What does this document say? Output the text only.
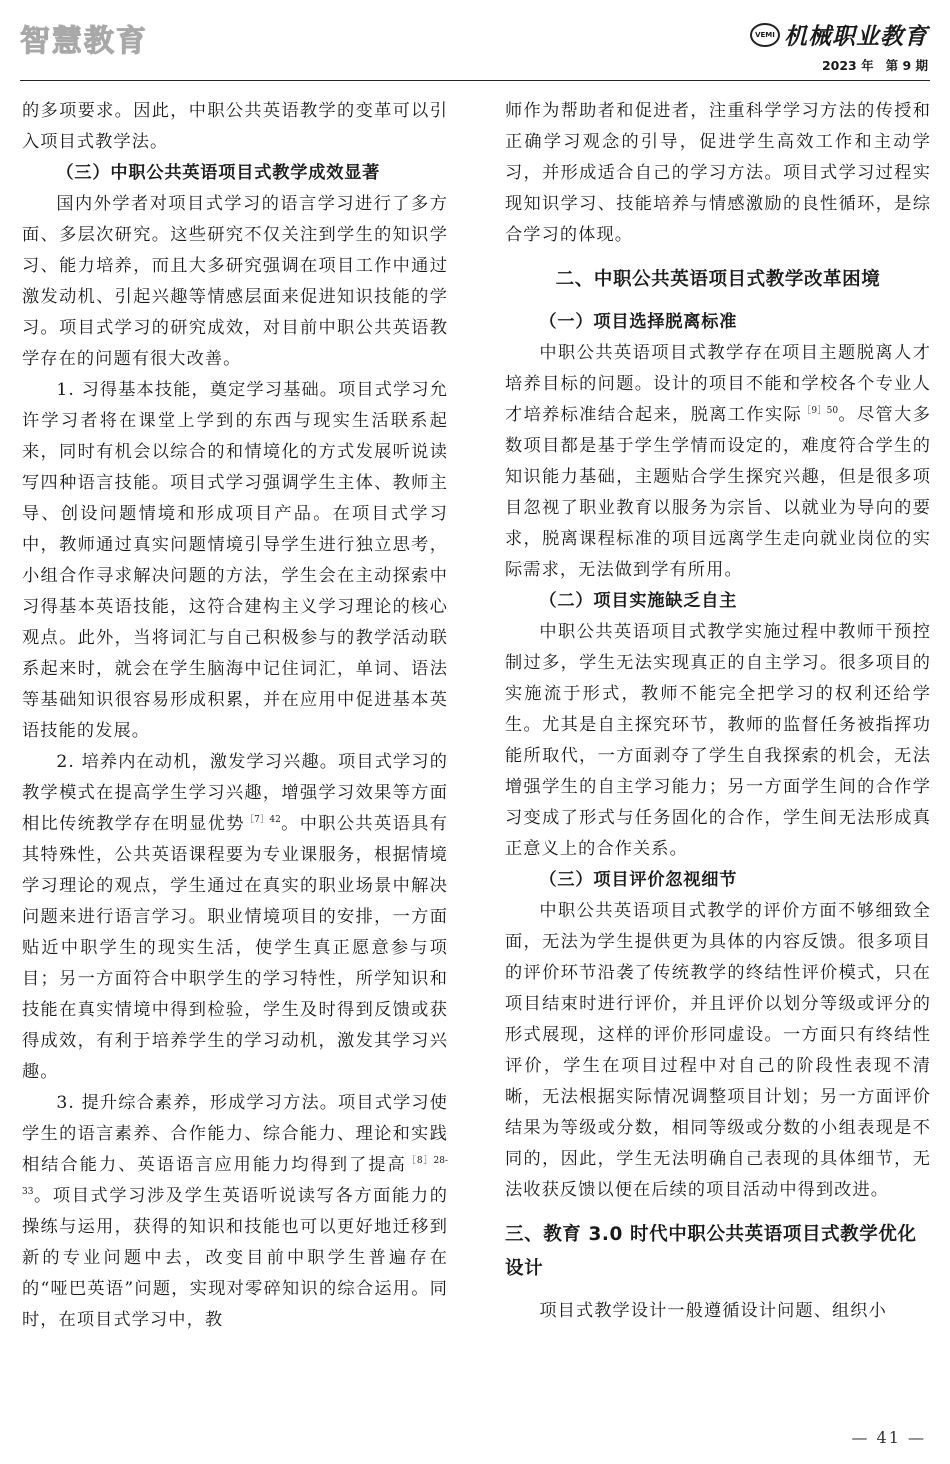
智慧教育	VEMI 机械职业教育
2023 年 第 9 期

的多项要求。因此，中职公共英语教学的变革可以引入项目式教学法。

（三）中职公共英语项目式教学成效显著

国内外学者对项目式学习的语言学习进行了多方面、多层次研究。这些研究不仅关注到学生的知识学习、能力培养，而且大多研究强调在项目工作中通过激发动机、引起兴趣等情感层面来促进知识技能的学习。项目式学习的研究成效，对目前中职公共英语教学存在的问题有很大改善。

1. 习得基本技能，奠定学习基础。项目式学习允许学习者将在课堂上学到的东西与现实生活联系起来，同时有机会以综合的和情境化的方式发展听说读写四种语言技能。项目式学习强调学生主体、教师主导、创设问题情境和形成项目产品。在项目式学习中，教师通过真实问题情境引导学生进行独立思考，小组合作寻求解决问题的方法，学生会在主动探索中习得基本英语技能，这符合建构主义学习理论的核心观点。此外，当将词汇与自己积极参与的教学活动联系起来时，就会在学生脑海中记住词汇，单词、语法等基础知识很容易形成积累，并在应用中促进基本英语技能的发展。

2. 培养内在动机，激发学习兴趣。项目式学习的教学模式在提高学生学习兴趣，增强学习效果等方面相比传统教学存在明显优势$^{[7]42}$。中职公共英语具有其特殊性，公共英语课程要为专业课服务，根据情境学习理论的观点，学生通过在真实的职业场景中解决问题来进行语言学习。职业情境项目的安排，一方面贴近中职学生的现实生活，使学生真正愿意参与项目；另一方面符合中职学生的学习特性，所学知识和技能在真实情境中得到检验，学生及时得到反馈或获得成效，有利于培养学生的学习动机，激发其学习兴趣。

3. 提升综合素养，形成学习方法。项目式学习使学生的语言素养、合作能力、综合能力、理论和实践相结合能力、英语语言应用能力均得到了提高$^{[8]28-33}$。项目式学习涉及学生英语听说读写各方面能力的操练与运用，获得的知识和技能也可以更好地迁移到新的专业问题中去，改变目前中职学生普遍存在的“哑巴英语”问题，实现对零碎知识的综合运用。同时，在项目式学习中，教

师作为帮助者和促进者，注重科学学习方法的传授和正确学习观念的引导，促进学生高效工作和主动学习，并形成适合自己的学习方法。项目式学习过程实现知识学习、技能培养与情感激励的良性循环，是综合学习的体现。

二、中职公共英语项目式教学改革困境

（一）项目选择脱离标准

中职公共英语项目式教学存在项目主题脱离人才培养目标的问题。设计的项目不能和学校各个专业人才培养标准结合起来，脱离工作实际$^{[9]50}$。尽管大多数项目都是基于学生学情而设定的，难度符合学生的知识能力基础，主题贴合学生探究兴趣，但是很多项目忽视了职业教育以服务为宗旨、以就业为导向的要求，脱离课程标准的项目远离学生走向就业岗位的实际需求，无法做到学有所用。

（二）项目实施缺乏自主

中职公共英语项目式教学实施过程中教师干预控制过多，学生无法实现真正的自主学习。很多项目的实施流于形式，教师不能完全把学习的权利还给学生。尤其是自主探究环节，教师的监督任务被指挥功能所取代，一方面剥夺了学生自我探索的机会，无法增强学生的自主学习能力；另一方面学生间的合作学习变成了形式与任务固化的合作，学生间无法形成真正意义上的合作关系。

（三）项目评价忽视细节

中职公共英语项目式教学的评价方面不够细致全面，无法为学生提供更为具体的内容反馈。很多项目的评价环节沿袭了传统教学的终结性评价模式，只在项目结束时进行评价，并且评价以划分等级或评分的形式展现，这样的评价形同虚设。一方面只有终结性评价，学生在项目过程中对自己的阶段性表现不清晰，无法根据实际情况调整项目计划；另一方面评价结果为等级或分数，相同等级或分数的小组表现是不同的，因此，学生无法明确自己表现的具体细节，无法收获反馈以便在后续的项目活动中得到改进。

三、教育 3.0 时代中职公共英语项目式教学优化设计

项目式教学设计一般遵循设计问题、组织小

— 41 —
